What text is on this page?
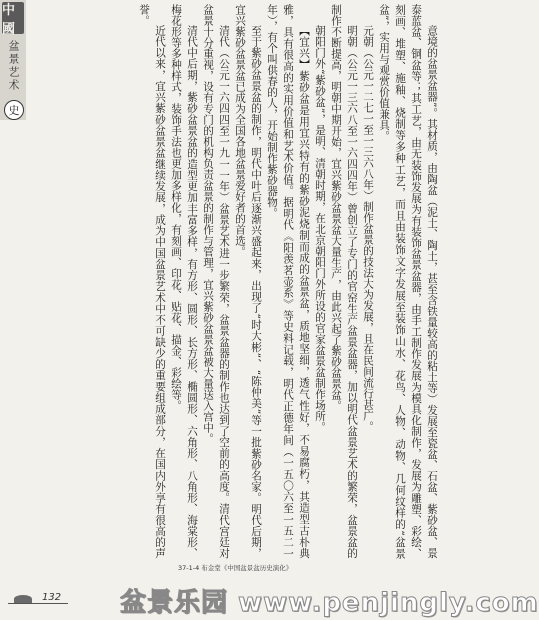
中國
盆景艺术
史	意境的盆景盆器”。其材质，由陶盆（泥土、陶土，甚至含铁量较高的粘土等）发展至瓷盆、石盆、紫砂盆、景泰蓝盆、铜盆等；其工艺，由无装饰发展为有装饰盆景盆器，由手工制作发展为模具化制作，发展为雕塑、彩绘、刻画、堆塑、施釉、烧制等多种工艺，而且由装饰文字发展至装饰山水、花鸟、人物、动物、几何纹样的“盆景盆”，实用与观赏价值兼具。

元朝（公元一二七一至一三六八年）制作盆景的技法大为发展，且在民间流行甚广。

明朝（公元一三六八至一六四四年）曾创立了专门的官窑生产盆景盆器，加以明代盆景艺术的繁荣，盆景盆的制作不断提高，明朝中期开始，宜兴紫砂盆景盆大量生产，由此兴起了紫砂盆景盆。

朝阳门外“紫砂盆”，是明、清朝时期，在北京朝阳门外所设的官家盆景盆制作场所。

【宜兴】紫砂盆是用宜兴特有的紫砂泥烧制而成的盆景盆，质地坚细，透气性好，不易腐朽，其造型古朴典雅，具有很高的实用价值和艺术价值。据明代《阳羡茗壶系》等史料记载，明代正德年间（一五〇六至一五二一年），有个叫供春的人，开始制作紫砂器物。

至于紫砂盆景盆的制作，明代中叶后逐渐兴盛起来，出现了“时大彬”、“陈仲美”等一批紫砂名家。明代后期，宜兴紫砂盆景盆已成为全国各地盆景爱好者的首选。

清代（公元一六四四至一九一一年）盆景艺术进一步繁荣，盆景盆器的制作也达到了空前的高度。清代宫廷对盆景十分重视，设有专门的机构负责盆景的制作与管理，宜兴紫砂盆景盆被大量送入宫中。

清代中后期，紫砂盆景盆的造型更加丰富多样，有方形、圆形、长方形、椭圆形、六角形、八角形、海棠形、梅花形等多种样式，装饰手法也更加多样化，有刻画、印花、贴花、描金、彩绘等。

近代以来，宜兴紫砂盆景盆继续发展，成为中国盆景艺术中不可缺少的重要组成部分，在国内外享有很高的声誉。

37-1-4 布金堂《中国盆景盆历史演化》
132 盆景乐园 www.penjingly.com
